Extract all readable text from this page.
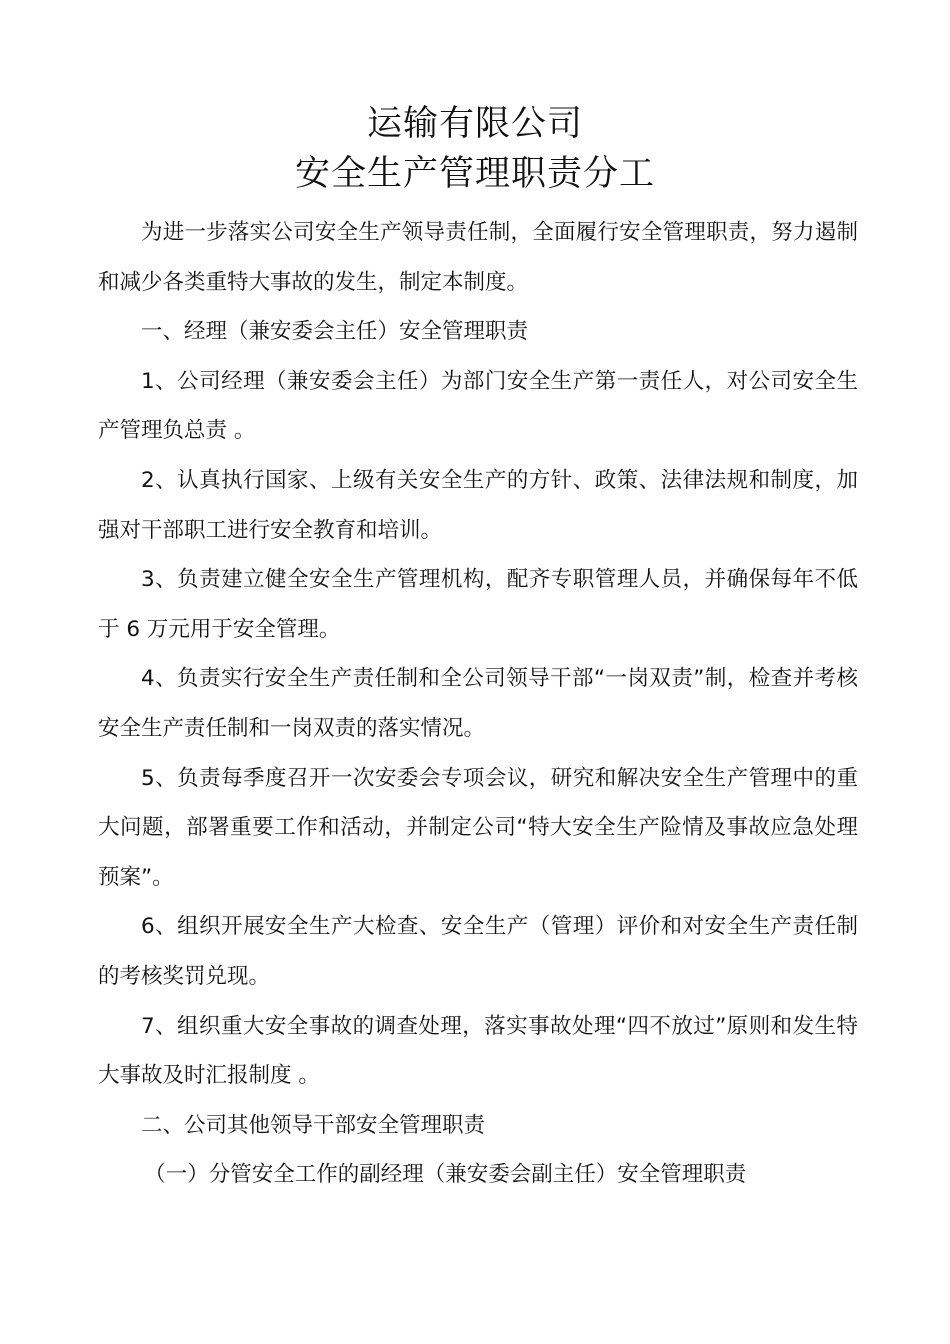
运输有限公司
安全生产管理职责分工

为进一步落实公司安全生产领导责任制，全面履行安全管理职责，努力遏制和减少各类重特大事故的发生，制定本制度。

一、经理（兼安委会主任）安全管理职责

1、公司经理（兼安委会主任）为部门安全生产第一责任人，对公司安全生产管理负总责 。

2、认真执行国家、上级有关安全生产的方针、政策、法律法规和制度，加强对干部职工进行安全教育和培训。

3、负责建立健全安全生产管理机构，配齐专职管理人员，并确保每年不低于 6 万元用于安全管理。

4、负责实行安全生产责任制和全公司领导干部“一岗双责”制，检查并考核安全生产责任制和一岗双责的落实情况。

5、负责每季度召开一次安委会专项会议，研究和解决安全生产管理中的重大问题，部署重要工作和活动，并制定公司“特大安全生产险情及事故应急处理预案”。

6、组织开展安全生产大检查、安全生产（管理）评价和对安全生产责任制的考核奖罚兑现。

7、组织重大安全事故的调查处理，落实事故处理“四不放过”原则和发生特大事故及时汇报制度 。

二、公司其他领导干部安全管理职责

（一）分管安全工作的副经理（兼安委会副主任）安全管理职责
